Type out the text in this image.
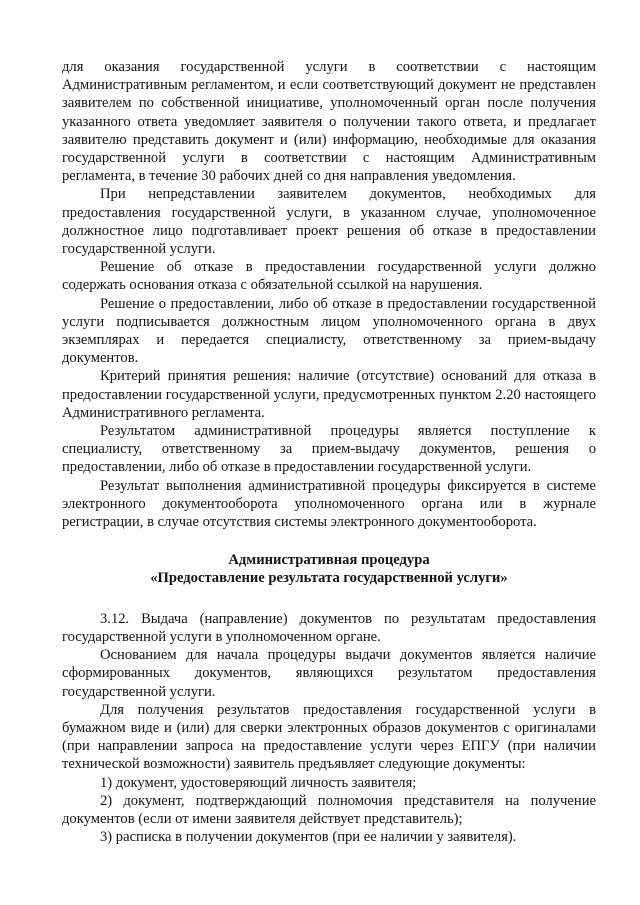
для оказания государственной услуги в соответствии с настоящим Административным регламентом, и если соответствующий документ не представлен заявителем по собственной инициативе, уполномоченный орган после получения указанного ответа уведомляет заявителя о получении такого ответа, и предлагает заявителю представить документ и (или) информацию, необходимые для оказания государственной услуги в соответствии с настоящим Административным регламента, в течение 30 рабочих дней со дня направления уведомления.

При непредставлении заявителем документов, необходимых для предоставления государственной услуги, в указанном случае, уполномоченное должностное лицо подготавливает проект решения об отказе в предоставлении государственной услуги.

Решение об отказе в предоставлении государственной услуги должно содержать основания отказа с обязательной ссылкой на нарушения.

Решение о предоставлении, либо об отказе в предоставлении государственной услуги подписывается должностным лицом уполномоченного органа в двух экземплярах и передается специалисту, ответственному за прием-выдачу документов.

Критерий принятия решения: наличие (отсутствие) оснований для отказа в предоставлении государственной услуги, предусмотренных пунктом 2.20 настоящего Административного регламента.

Результатом административной процедуры является поступление к специалисту, ответственному за прием-выдачу документов, решения о предоставлении, либо об отказе в предоставлении государственной услуги.

Результат выполнения административной процедуры фиксируется в системе электронного документооборота уполномоченного органа или в журнале регистрации, в случае отсутствия системы электронного документооборота.

Административная процедура

«Предоставление результата государственной услуги»

3.12. Выдача (направление) документов по результатам предоставления государственной услуги в уполномоченном органе.

Основанием для начала процедуры выдачи документов является наличие сформированных документов, являющихся результатом предоставления государственной услуги.

Для получения результатов предоставления государственной услуги в бумажном виде и (или) для сверки электронных образов документов с оригиналами (при направлении запроса на предоставление услуги через ЕПГУ (при наличии технической возможности) заявитель предъявляет следующие документы:

1) документ, удостоверяющий личность заявителя;

2) документ, подтверждающий полномочия представителя на получение документов (если от имени заявителя действует представитель);

3) расписка в получении документов (при ее наличии у заявителя).
